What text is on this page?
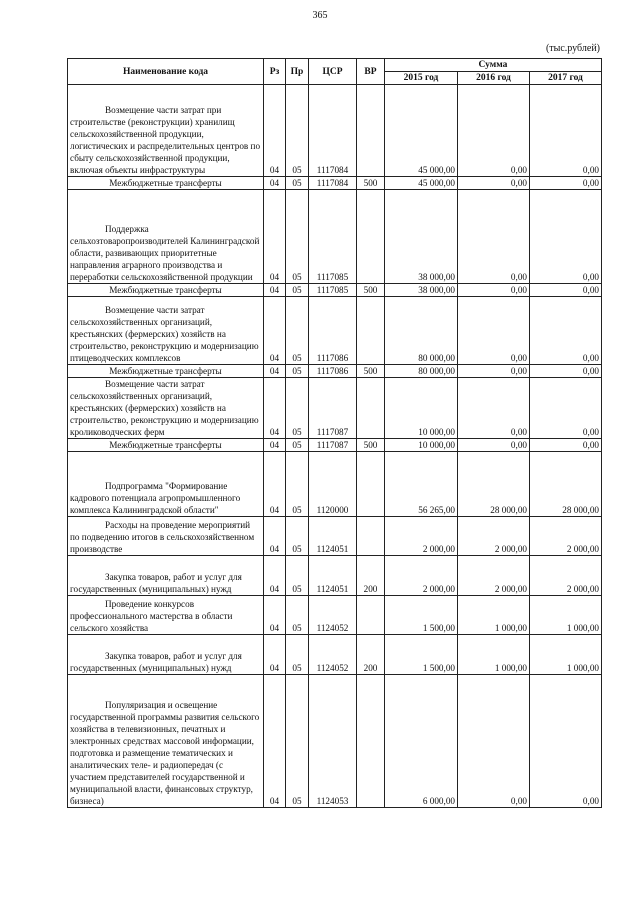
365
(тыс.рублей)
Наименование кода	Рз	Пр	ЦСР	ВР	Сумма		
					2015 год	2016 год	2017 год

Возмещение части затрат при строительстве (реконструкции) хранилищ сельскохозяйственной продукции, логистических и распределительных центров по сбыту сельскохозяйственной продукции, включая объекты инфраструктуры	04	05	1117084		45 000,00	0,00	0,00

Межбюджетные трансферты	04	05	1117084	500	45 000,00	0,00	0,00

Поддержка сельхозтоваропроизводителей Калининградской области, развивающих приоритетные направления аграрного производства и переработки сельскохозяйственной продукции	04	05	1117085		38 000,00	0,00	0,00

Межбюджетные трансферты	04	05	1117085	500	38 000,00	0,00	0,00

Возмещение части затрат сельскохозяйственных организаций, крестьянских (фермерских) хозяйств на строительство, реконструкцию и модернизацию птицеводческих комплексов	04	05	1117086		80 000,00	0,00	0,00

Межбюджетные трансферты	04	05	1117086	500	80 000,00	0,00	0,00

Возмещение части затрат сельскохозяйственных организаций, крестьянских (фермерских) хозяйств на строительство, реконструкцию и модернизацию кролиководческих ферм	04	05	1117087		10 000,00	0,00	0,00

Межбюджетные трансферты	04	05	1117087	500	10 000,00	0,00	0,00

Подпрограмма "Формирование кадрового потенциала агропромышленного комплекса Калининградской области"	04	05	1120000		56 265,00	28 000,00	28 000,00

Расходы на проведение мероприятий по подведению итогов в сельскохозяйственном производстве	04	05	1124051		2 000,00	2 000,00	2 000,00

Закупка товаров, работ и услуг для государственных (муниципальных) нужд	04	05	1124051	200	2 000,00	2 000,00	2 000,00

Проведение конкурсов профессионального мастерства в области сельского хозяйства	04	05	1124052		1 500,00	1 000,00	1 000,00

Закупка товаров, работ и услуг для государственных (муниципальных) нужд	04	05	1124052	200	1 500,00	1 000,00	1 000,00

Популяризация и освещение государственной программы развития сельского хозяйства в телевизионных, печатных и электронных средствах массовой информации, подготовка и размещение тематических и аналитических теле- и радиопередач (с участием представителей государственной и муниципальной власти, финансовых структур, бизнеса)	04	05	1124053		6 000,00	0,00	0,00
